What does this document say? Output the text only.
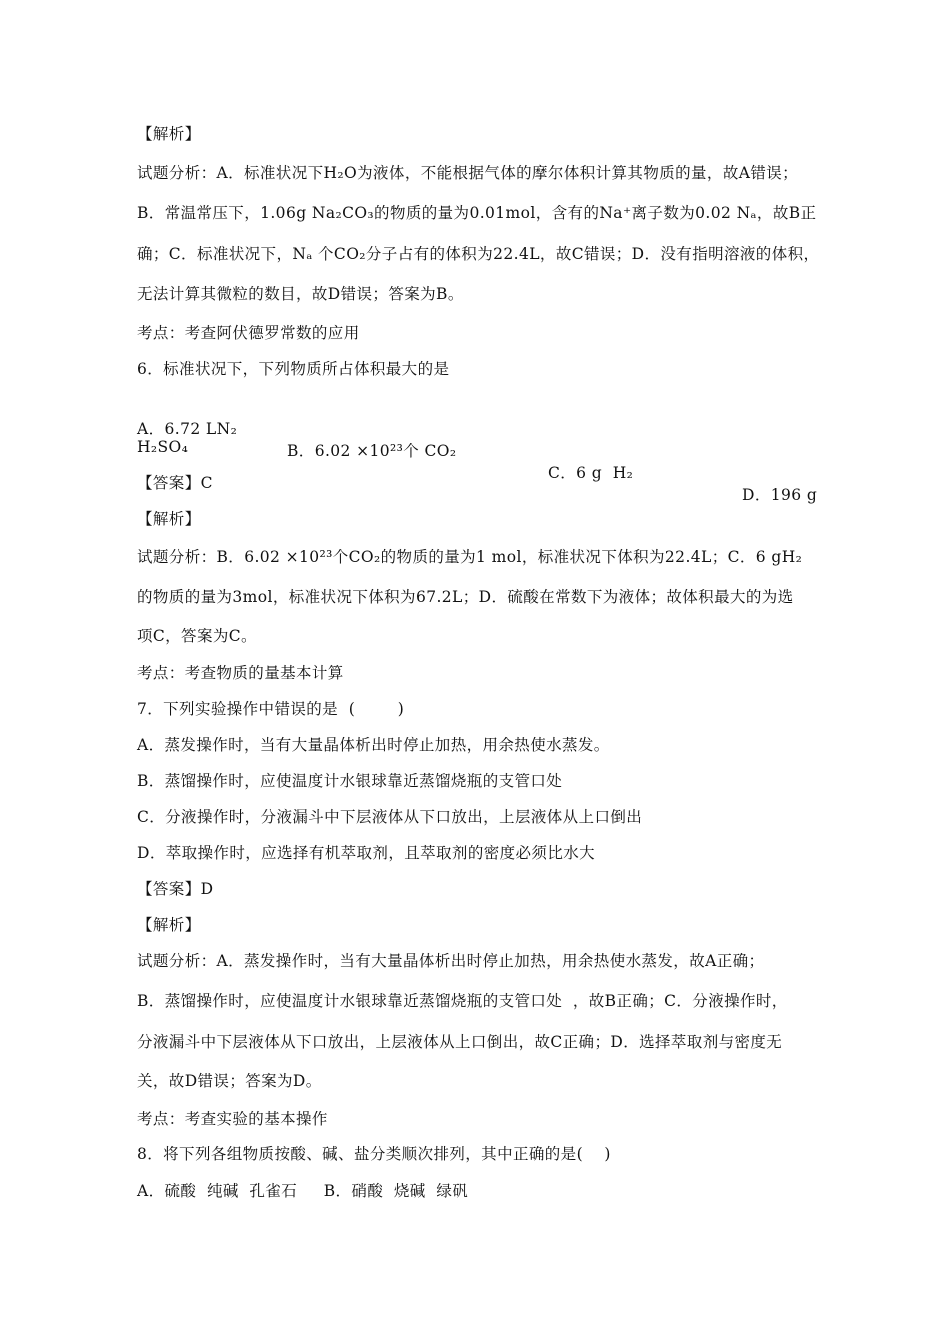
【解析】
试题分析：A．标准状况下H₂O为液体，不能根据气体的摩尔体积计算其物质的量，故A错误；
B．常温常压下，1.06g Na₂CO₃的物质的量为0.01mol，含有的Na⁺离子数为0.02 Nₐ，故B正
确；C．标准状况下，Nₐ 个CO₂分子占有的体积为22.4L，故C错误；D．没有指明溶液的体积，
无法计算其微粒的数目，故D错误；答案为B。
考点：考查阿伏德罗常数的应用
6．标准状况下，下列物质所占体积最大的是

A．6.72 LN₂

B．6.02 ×10²³个 CO₂

C．6 g  H₂

D．196 g

H₂SO₄
【答案】C
【解析】
试题分析：B．6.02 ×10²³个CO₂的物质的量为1 mol，标准状况下体积为22.4L；C．6 gH₂
的物质的量为3mol，标准状况下体积为67.2L；D．硫酸在常数下为液体；故体积最大的为选
项C，答案为C。
考点：考查物质的量基本计算
7．下列实验操作中错误的是  (        )
A．蒸发操作时，当有大量晶体析出时停止加热，用余热使水蒸发。
B．蒸馏操作时，应使温度计水银球靠近蒸馏烧瓶的支管口处
C．分液操作时，分液漏斗中下层液体从下口放出，上层液体从上口倒出
D．萃取操作时，应选择有机萃取剂，且萃取剂的密度必须比水大
【答案】D
【解析】
试题分析：A．蒸发操作时，当有大量晶体析出时停止加热，用余热使水蒸发，故A正确；
B．蒸馏操作时，应使温度计水银球靠近蒸馏烧瓶的支管口处  ，故B正确；C．分液操作时，
分液漏斗中下层液体从下口放出，上层液体从上口倒出，故C正确；D．选择萃取剂与密度无
关，故D错误；答案为D。
考点：考查实验的基本操作
8．将下列各组物质按酸、碱、盐分类顺次排列，其中正确的是(    )
A．硫酸  纯碱  孔雀石     B．硝酸  烧碱  绿矾
